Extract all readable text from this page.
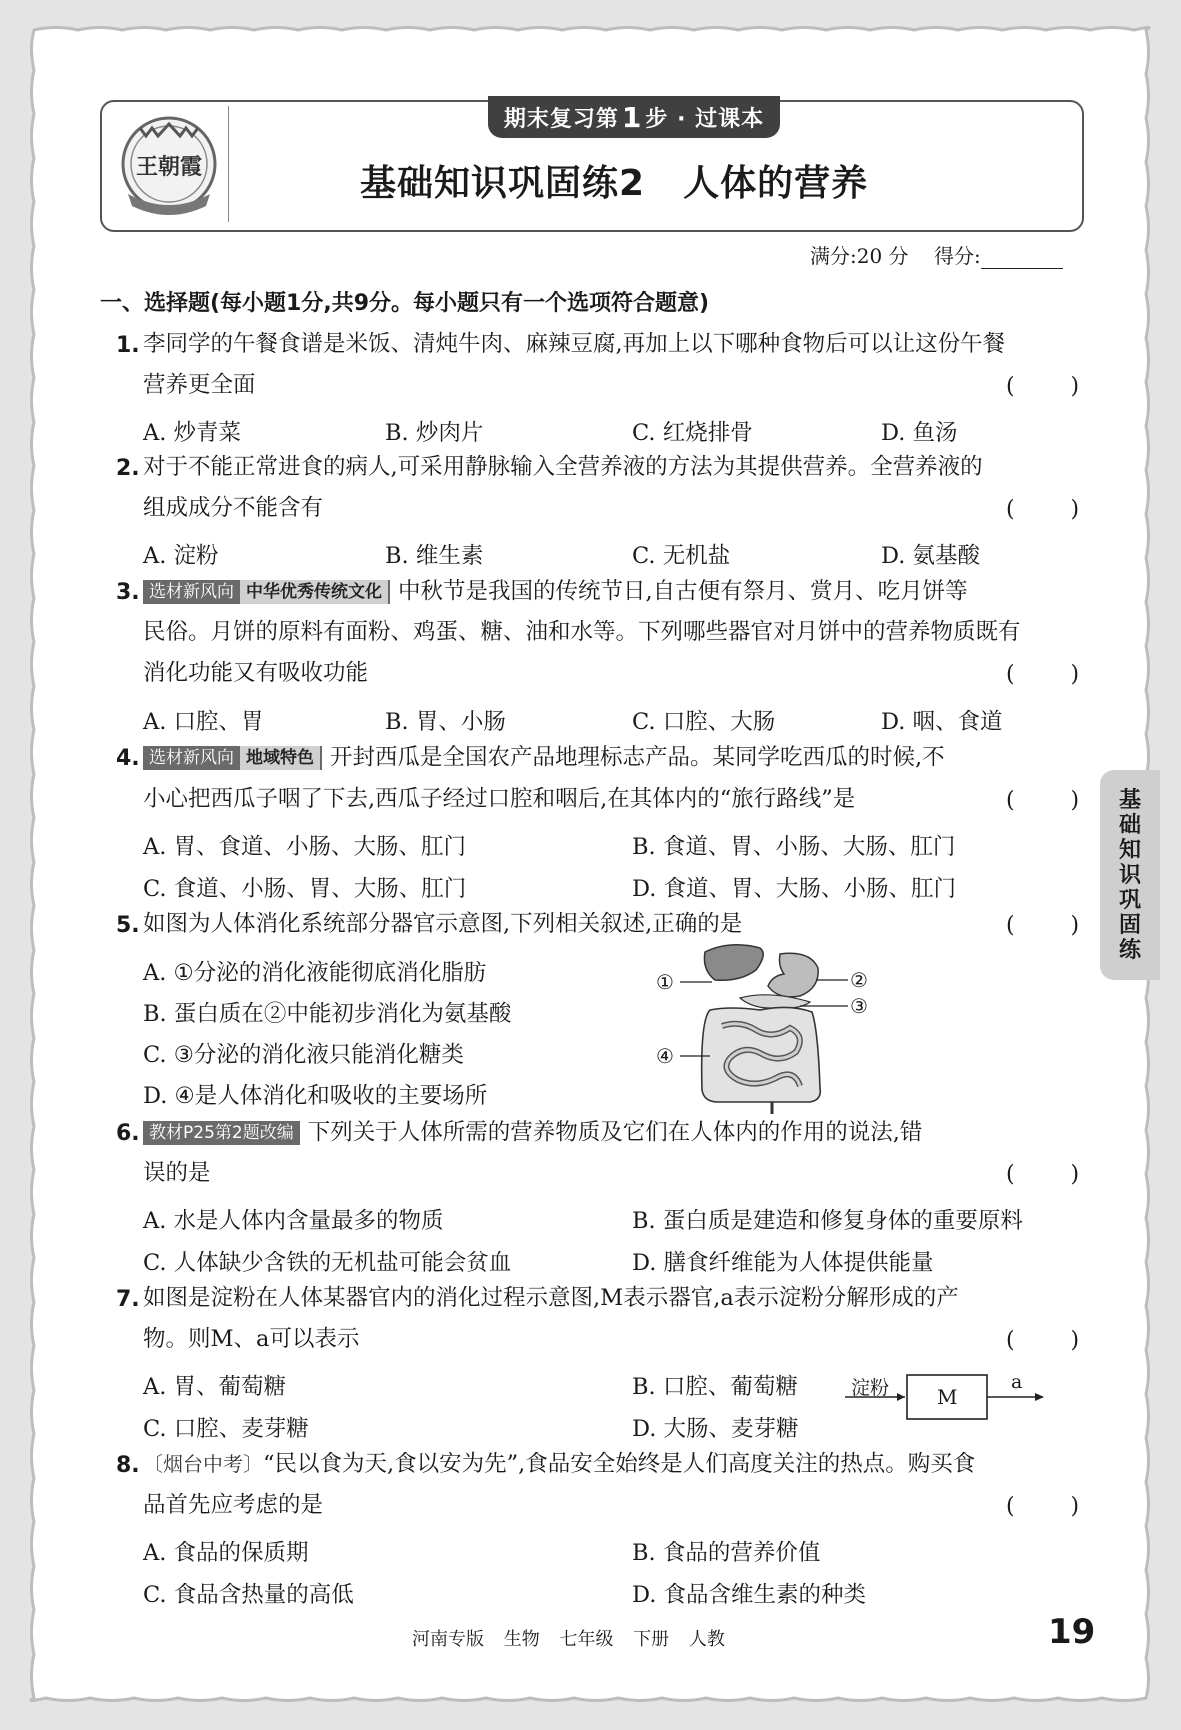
王朝霞
期末复习第 1 步 · 过课本
基础知识巩固练2 人体的营养
满分:20 分 得分:
一、选择题(每小题1分,共9分。每小题只有一个选项符合题意)
1. 李同学的午餐食谱是米饭、清炖牛肉、麻辣豆腐,再加上以下哪种食物后可以让这份午餐
营养更全面	(        )
A. 炒青菜	B. 炒肉片	C. 红烧排骨	D. 鱼汤
2. 对于不能正常进食的病人,可采用静脉输入全营养液的方法为其提供营养。全营养液的
组成成分不能含有	(        )
A. 淀粉	B. 维生素	C. 无机盐	D. 氨基酸
3. 选材新风向 中华优秀传统文化 中秋节是我国的传统节日,自古便有祭月、赏月、吃月饼等
民俗。月饼的原料有面粉、鸡蛋、糖、油和水等。下列哪些器官对月饼中的营养物质既有
消化功能又有吸收功能	(        )
A. 口腔、胃	B. 胃、小肠	C. 口腔、大肠	D. 咽、食道
4. 选材新风向 地域特色 开封西瓜是全国农产品地理标志产品。某同学吃西瓜的时候,不
小心把西瓜子咽了下去,西瓜子经过口腔和咽后,在其体内的“旅行路线”是	(        )
A. 胃、食道、小肠、大肠、肛门	B. 食道、胃、小肠、大肠、肛门
C. 食道、小肠、胃、大肠、肛门	D. 食道、胃、大肠、小肠、肛门
5. 如图为人体消化系统部分器官示意图,下列相关叙述,正确的是	(        )
A. ①分泌的消化液能彻底消化脂肪
B. 蛋白质在②中能初步消化为氨基酸
C. ③分泌的消化液只能消化糖类
D. ④是人体消化和吸收的主要场所
①	②
③
④
6. 教材P25第2题改编 下列关于人体所需的营养物质及它们在人体内的作用的说法,错
误的是	(        )
A. 水是人体内含量最多的物质	B. 蛋白质是建造和修复身体的重要原料
C. 人体缺少含铁的无机盐可能会贫血	D. 膳食纤维能为人体提供能量
7. 如图是淀粉在人体某器官内的消化过程示意图,M表示器官,a表示淀粉分解形成的产
物。则M、a可以表示	(        )
A. 胃、葡萄糖	B. 口腔、葡萄糖
C. 口腔、麦芽糖	D. 大肠、麦芽糖
淀粉 M
a
8. 〔烟台中考〕“民以食为天,食以安为先”,食品安全始终是人们高度关注的热点。购买食
品首先应考虑的是	(        )
A. 食品的保质期	B. 食品的营养价值
C. 食品含热量的高低	D. 食品含维生素的种类
基
础
知
识
巩
固
练
河南专版 生物 七年级 下册 人教	19
